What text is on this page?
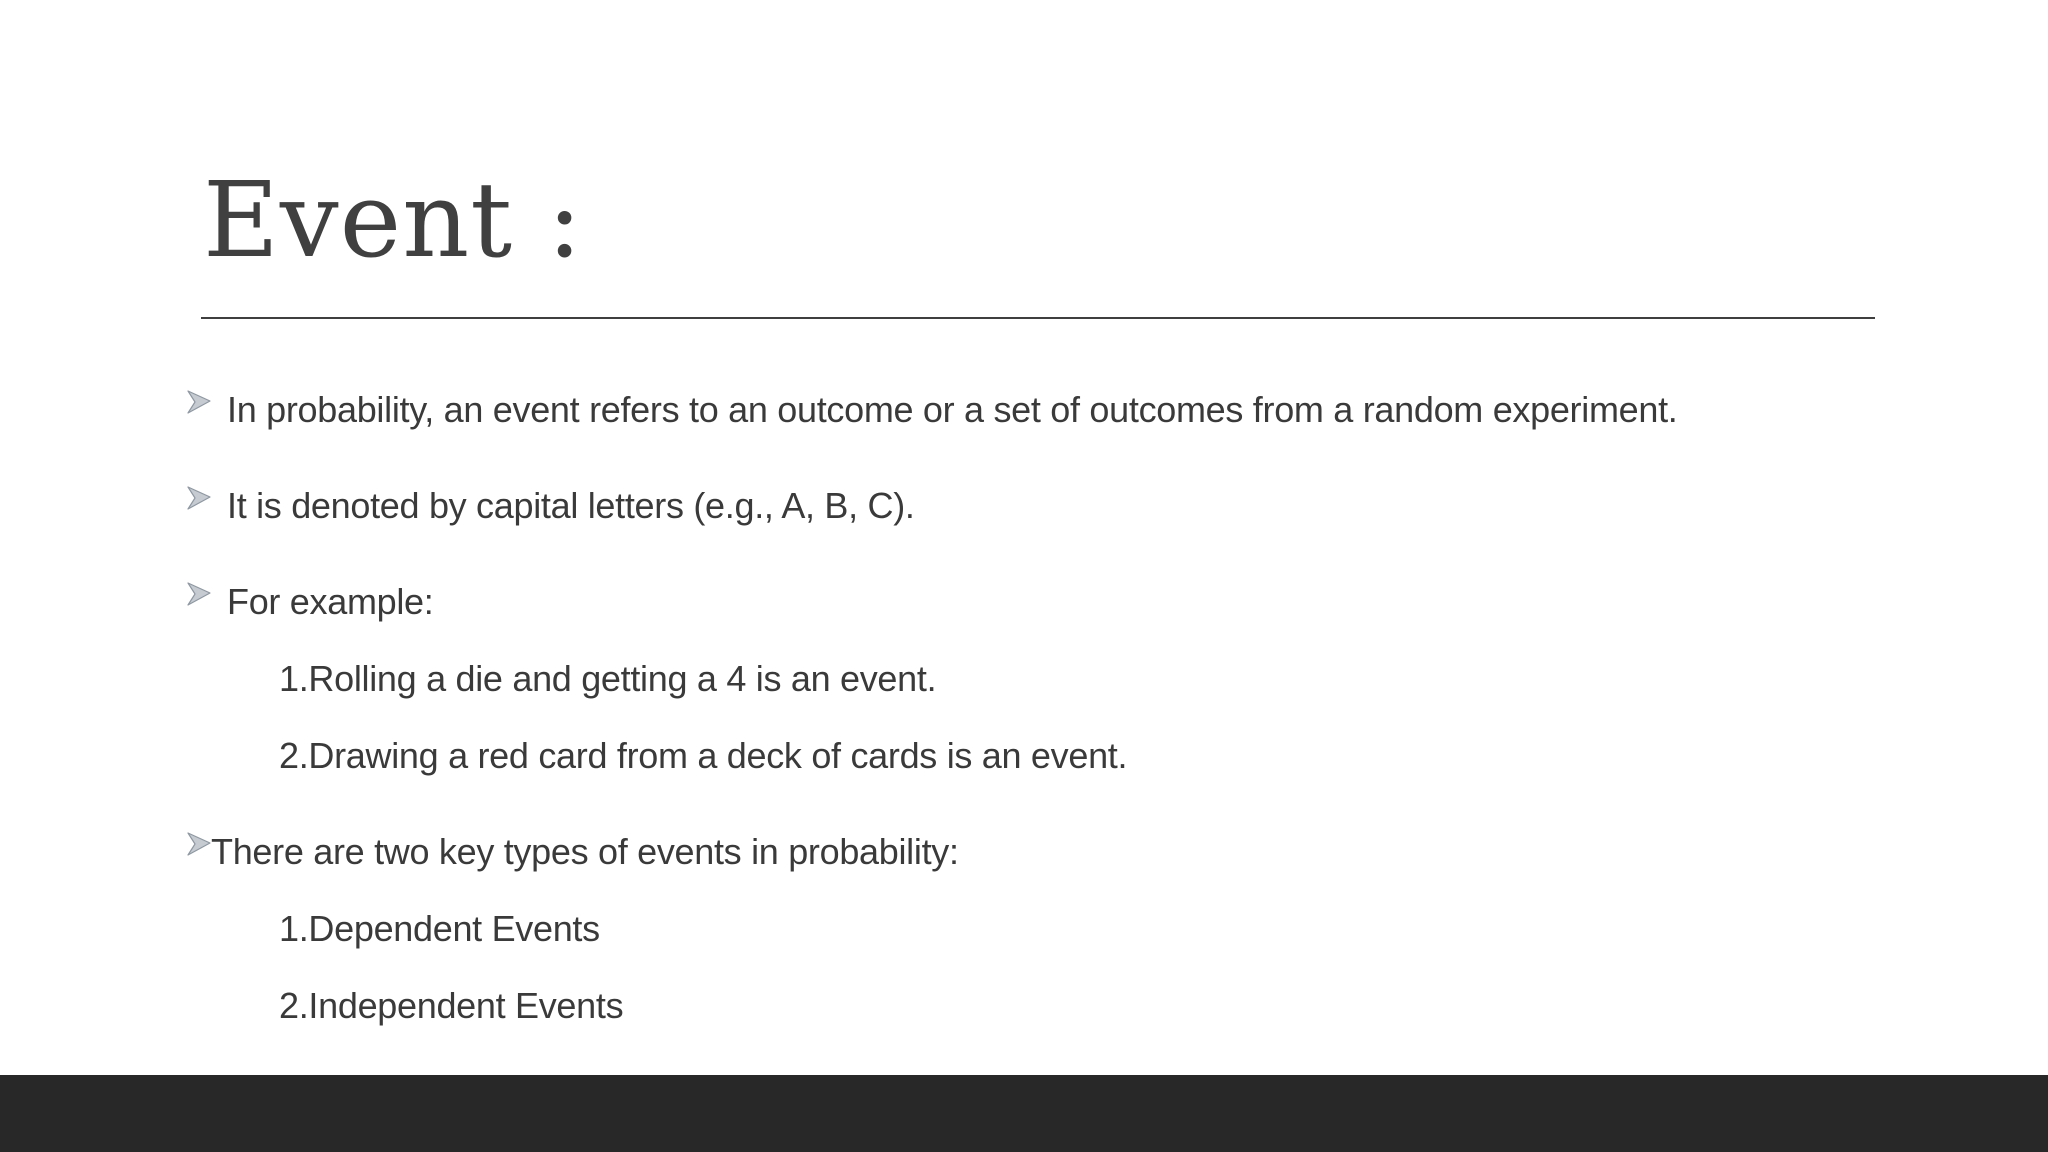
Event :
In probability, an event refers to an outcome or a set of outcomes from a random experiment.
It is denoted by capital letters (e.g., A, B, C).
For example:
1.Rolling a die and getting a 4 is an event.
2.Drawing a red card from a deck of cards is an event.
There are two key types of events in probability:
1.Dependent Events
2.Independent Events
